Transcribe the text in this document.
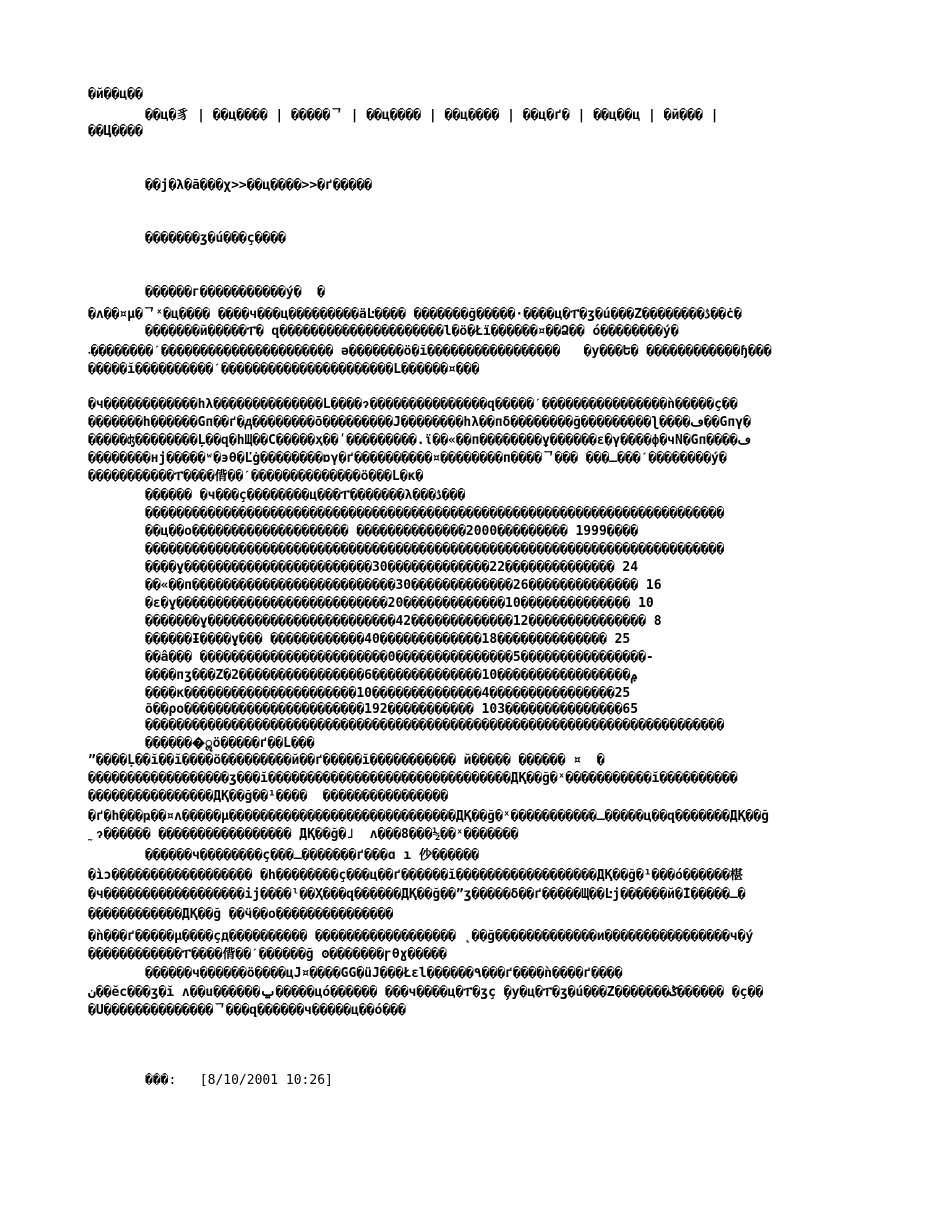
�й��ц��
��ц�豸 | ��ц���� | �����ᄀ | ��ц���� | ��ц���� | ��ц�ґ� | ��ц��ц | �й��� |
��Ц����
��ј�λ�ã���χ>>��ц����>>�ґ�����
�������ʒ�ú���ç����
������г�����������ý�  �
�ʌ��¤μ�ᄀˣ�ц���� ����ч���ц���������äĿ���� �������ğ�����·����ц�ፐ�ʒ�ú���Ż��������ڎ��ċ�
�������й�����ፐ� զ���������������������ĺ�ö�Łï������¤��Ձ�� ó��������ý�
܁��������ˊ���������������������� ǝ�������ö�ĭ�����������������   �у���Ե� ������������ɧ���
�����ĭ����������ˊ����������������������L������¤���
�ч������������hλ��������������L����ɂ���������������զ�����ˊ����������������ǹ�����ç��
�������h������Ĝп��ґ�ᲁ��������ō���������Ĵ��������hλ��пδ��������ğ���������ʅ����ڡ��Ĝпγ�
�����ʤ��������Ļ��զ�hЩ��Č�����ҳ��ʹ���������.ϊ��«��п��������ұ������ɛ�γ����ф�чŇ�Ĝп����ڡ
��������нј�����ʷ�эθ�Ľġ��������ɒγ�ґ����������¤��������п����ᄀ��� ���ـ���ˊ��������ý�
�����������ፐ����偝��ˊ��������������ö���Ĺ�к�
������ �ч���ç��������ц���ፐ�������λ���ڎ���
��������������������������������������������������������������������������
��ц��о�������������������� ��������������2000��������� 1999����
��������������������������������������������������������������������������
����ұ������������������������30�������������22�������������� 24
��«��п��������������������������30�������������26�������������� 16
�ɛ�ұ���������������������������20�������������10�������������� 10
�������ұ������������������������42�������������12��������������� 8
������Ɨ����ұ��� ������������40�������������18�������������� 25
��â��� ������������������������0���������������5����������������-
����пʒ���Ż�ݦ�����������������10��������������6����������������2
����к����������������������10��������������4����������������25
õ��ρο�����������������������192����������� 103���������������65
��������������������������������������������������������������������������
�������ॢö�����ґ��Ĺ���
”����Ļ��ĭ��ĭ����ö���������й��ґ�����ĭ����������� й����� ������ ¤  �
������������������ʒ���ĭ�������������������������������ДҚ��ğ�ˣ�����������ĭ����������
����������������ДҚ��ğ��¹����  ����������������
�ґ�h���ҏ��¤ʌ�����μ�����������������������������ДҚ��ğ�ˣ�����������ـ�����ц��զ�������ДҚ��ğ
˷ɂ������ ����������������� ДҚ��ğ�˩  ʌ���8���½��ˣ�������
������ч��������ç���ـ�������ґ���ɑ ı 仯������
�ìɔ������������������ �h��������ç���ц��ґ������ĭ������������������ДҚ��ğ�¹���ó������椹
�ч������������������ij����ˡ��Ҳ���զ������ДҚ��ğ��”ʒ�����δ��ґ�����Щ��Ŀj������й�Ĭ�����ـ�
������������ДҚ��ğ ��ӵ��о���������������
�ǹ���ґ�����μ����çд���������� ������������������ ˛��ğ�������������и����������������ч�ý
������������ፐ����偝��ˊ������ğ ʘ�������ɼθɣ�����
������ч������ö����цĴ¤����ĞĞ�ǚĴ���Łɛĺ������٩���ґ����ǹ����ґ����
ن��ĕс���ʒ�ĭ ʌ��u������ݐ�����цó������ ���ч����ц�ፐ�ʒç ̗�у�ц�ፐ�ʒ�ú���Ż�������ݣ������ �ç��
�Ս��������������ᄀ���զ������ч�����ц��ó���
���: [8/10/2001 10:26]
